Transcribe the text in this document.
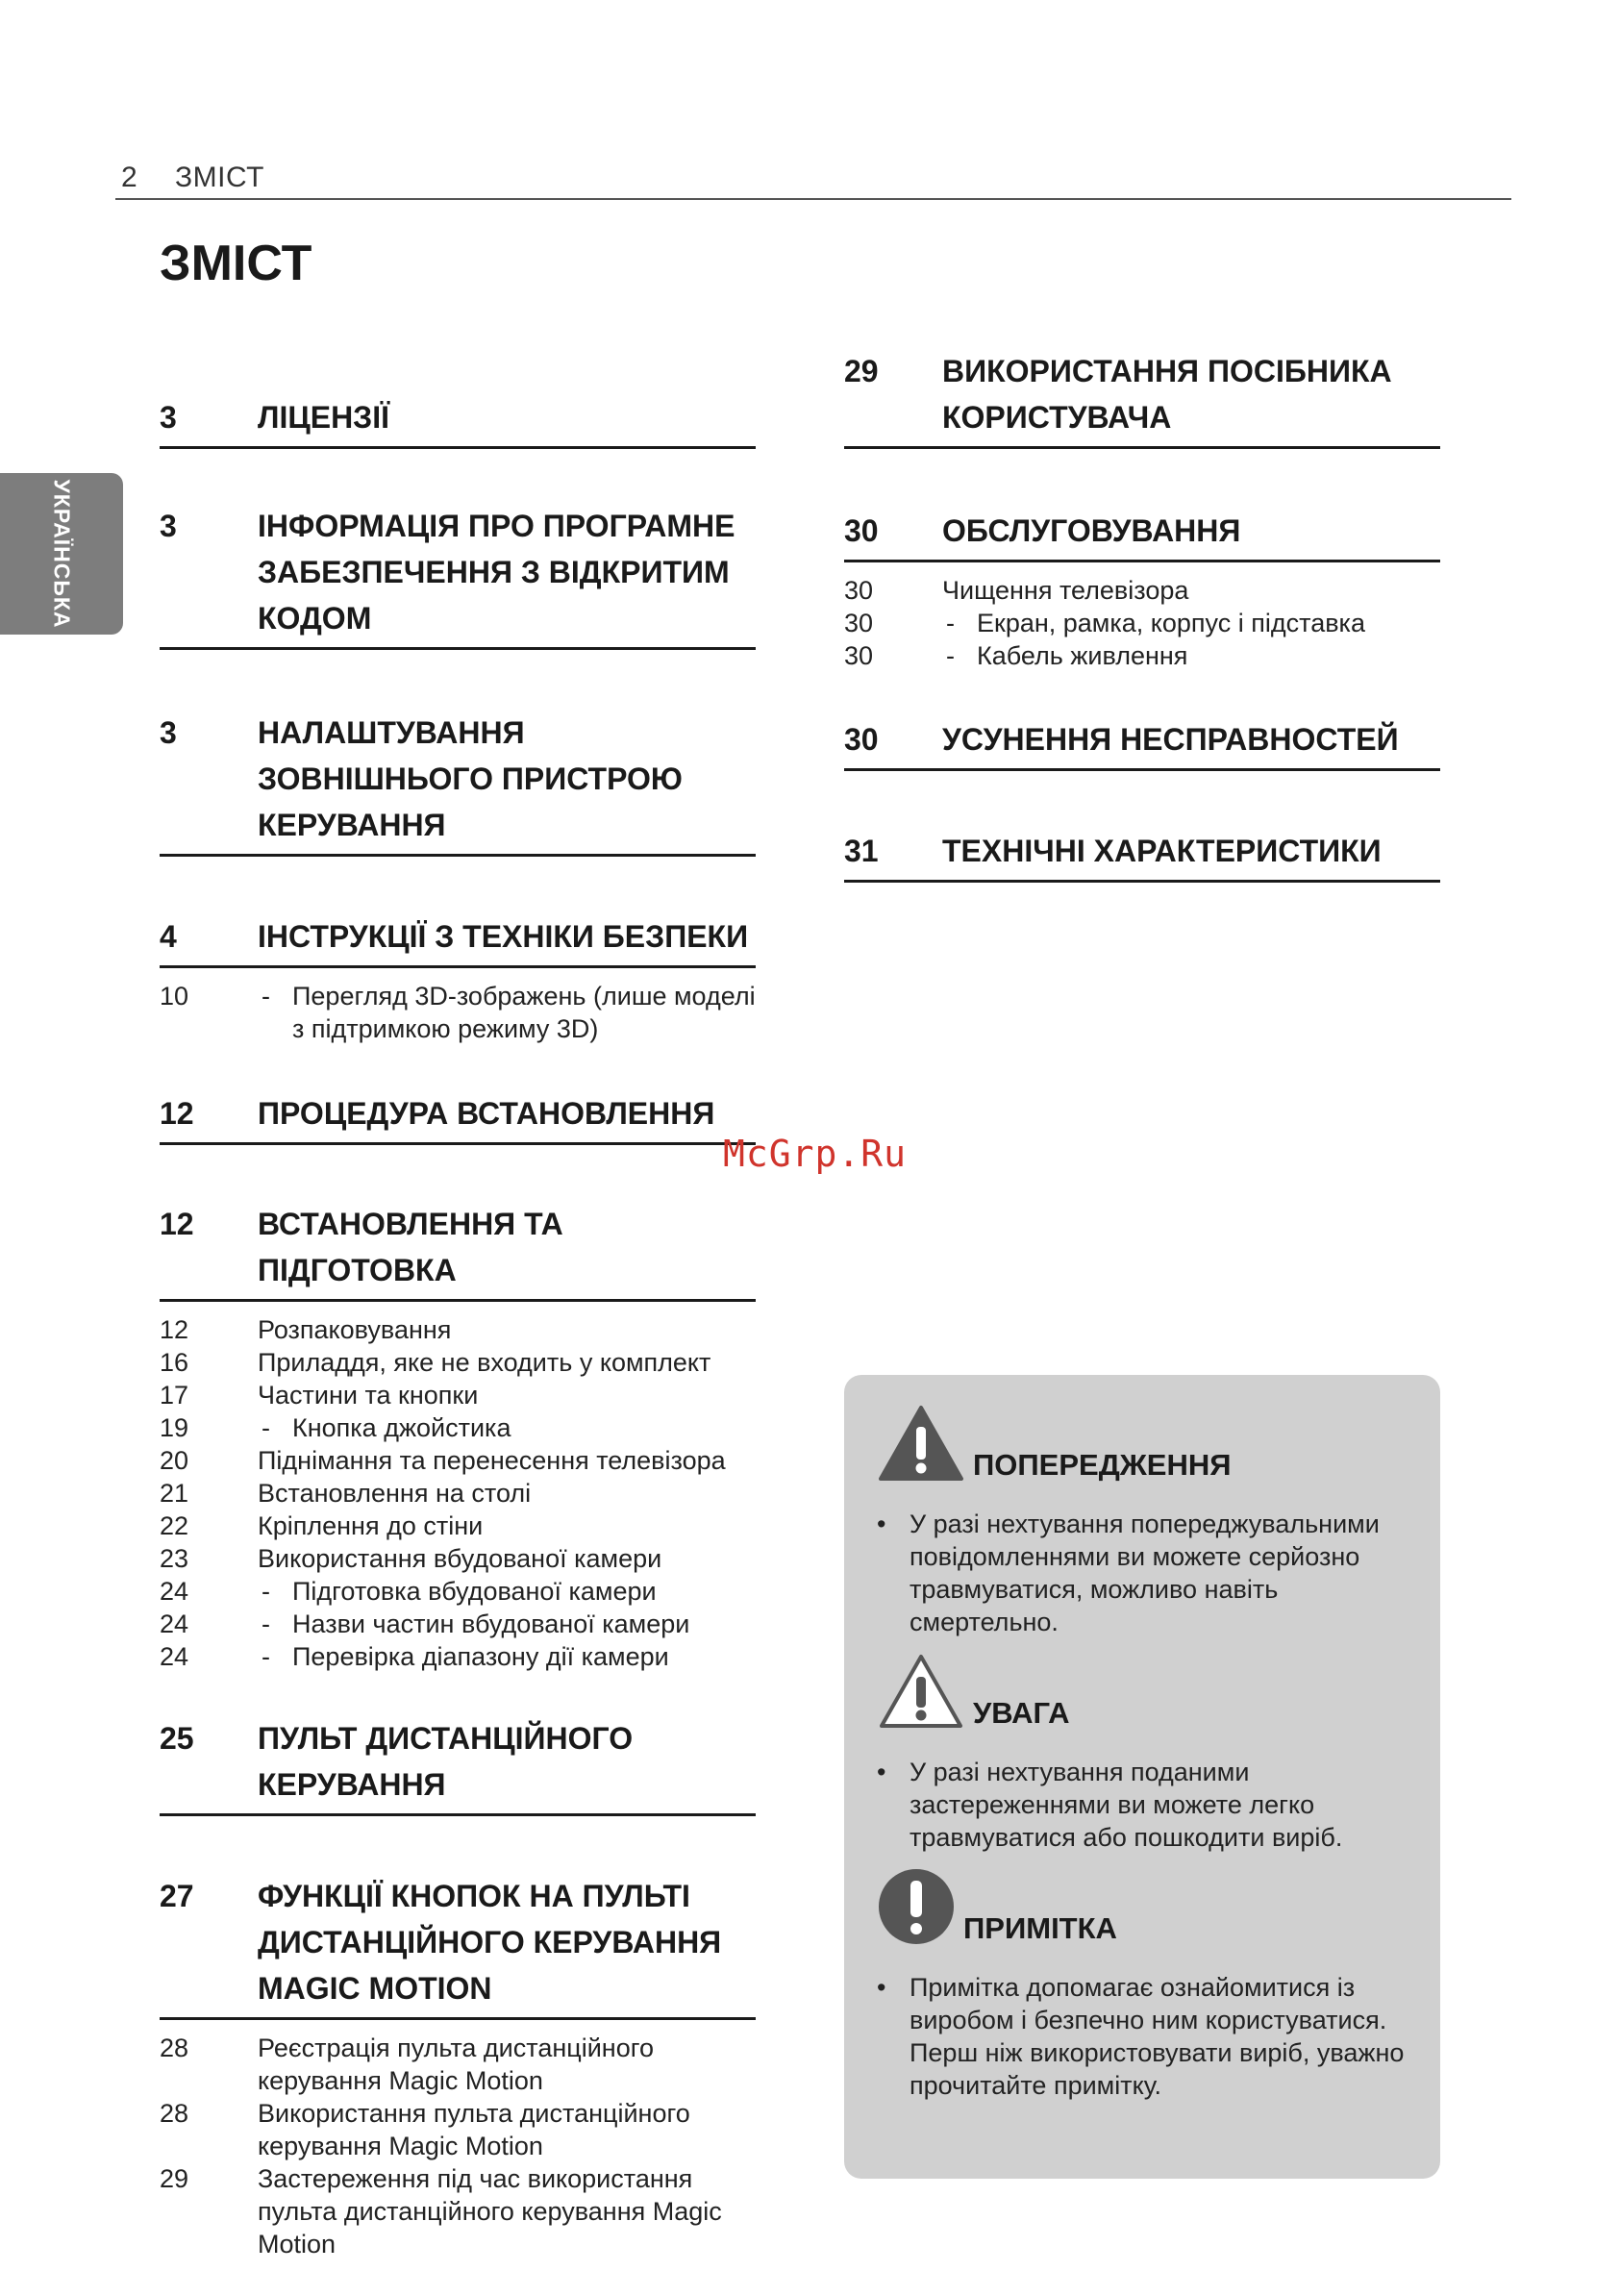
2 ЗМІСТ
ЗМІСТ
УКРАЇНСЬКА
3	ЛІЦЕНЗІЇ
3	ІНФОРМАЦІЯ ПРО ПРОГРАМНЕ ЗАБЕЗПЕЧЕННЯ З ВІДКРИТИМ КОДОМ
3	НАЛАШТУВАННЯ ЗОВНІШНЬОГО ПРИСТРОЮ КЕРУВАННЯ
4	ІНСТРУКЦІЇ З ТЕХНІКИ БЕЗПЕКИ
10	- Перегляд 3D-зображень (лише моделі з підтримкою режиму 3D)
12	ПРОЦЕДУРА ВСТАНОВЛЕННЯ
12	ВСТАНОВЛЕННЯ ТА ПІДГОТОВКА
12	Розпаковування
16	Приладдя, яке не входить у комплект
17	Частини та кнопки
19	- Кнопка джойстика
20	Піднімання та перенесення телевізора
21	Встановлення на столі
22	Кріплення до стіни
23	Використання вбудованої камери
24	- Підготовка вбудованої камери
24	- Назви частин вбудованої камери
24	- Перевірка діапазону дії камери
25	ПУЛЬТ ДИСТАНЦІЙНОГО КЕРУВАННЯ
27	ФУНКЦІЇ КНОПОК НА ПУЛЬТІ ДИСТАНЦІЙНОГО КЕРУВАННЯ MAGIC MOTION
28	Реєстрація пульта дистанційного керування Magic Motion
28	Використання пульта дистанційного керування Magic Motion
29	Застереження під час використання пульта дистанційного керування Magic Motion
29	ВИКОРИСТАННЯ ПОСІБНИКА КОРИСТУВАЧА
30	ОБСЛУГОВУВАННЯ
30	Чищення телевізора
30	- Екран, рамка, корпус і підставка
30	- Кабель живлення
30	УСУНЕННЯ НЕСПРАВНОСТЕЙ
31	ТЕХНІЧНІ ХАРАКТЕРИСТИКИ
McGrp.Ru
ПОПЕРЕДЖЕННЯ
• У разі нехтування попереджувальними повідомленнями ви можете серйозно травмуватися, можливо навіть смертельно.
УВАГА
• У разі нехтування поданими застереженнями ви можете легко травмуватися або пошкодити виріб.
ПРИМІТКА
• Примітка допомагає ознайомитися із виробом і безпечно ним користуватися. Перш ніж використовувати виріб, уважно прочитайте примітку.
